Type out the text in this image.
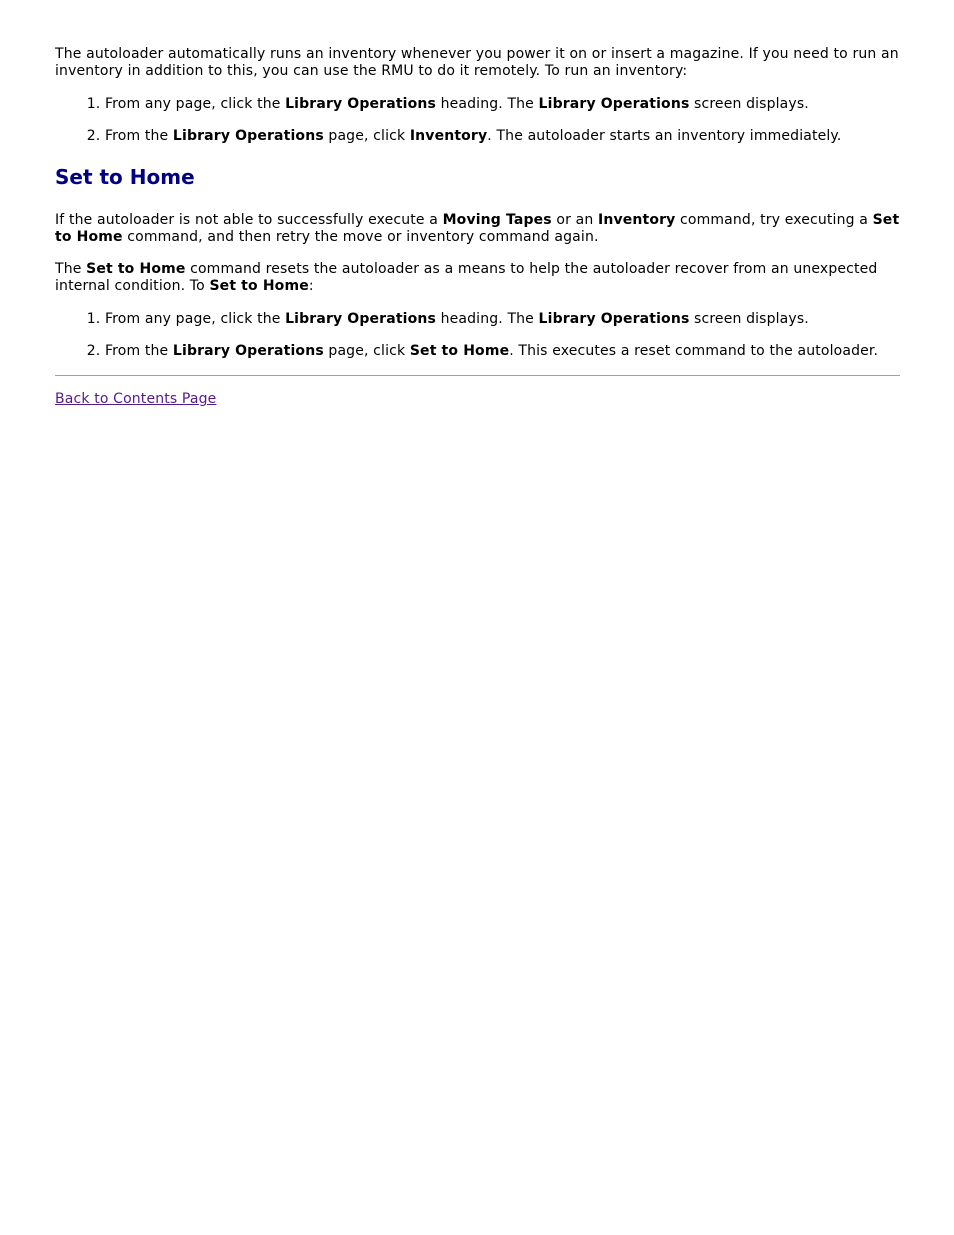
The autoloader automatically runs an inventory whenever you power it on or insert a magazine. If you need to run an inventory in addition to this, you can use the RMU to do it remotely. To run an inventory:

1. From any page, click the Library Operations heading. The Library Operations screen displays.
2. From the Library Operations page, click Inventory. The autoloader starts an inventory immediately.
Set to Home

If the autoloader is not able to successfully execute a Moving Tapes or an Inventory command, try executing a Set to Home command, and then retry the move or inventory command again.

The Set to Home command resets the autoloader as a means to help the autoloader recover from an unexpected internal condition. To Set to Home:

1. From any page, click the Library Operations heading. The Library Operations screen displays.
2. From the Library Operations page, click Set to Home. This executes a reset command to the autoloader.
Back to Contents Page
